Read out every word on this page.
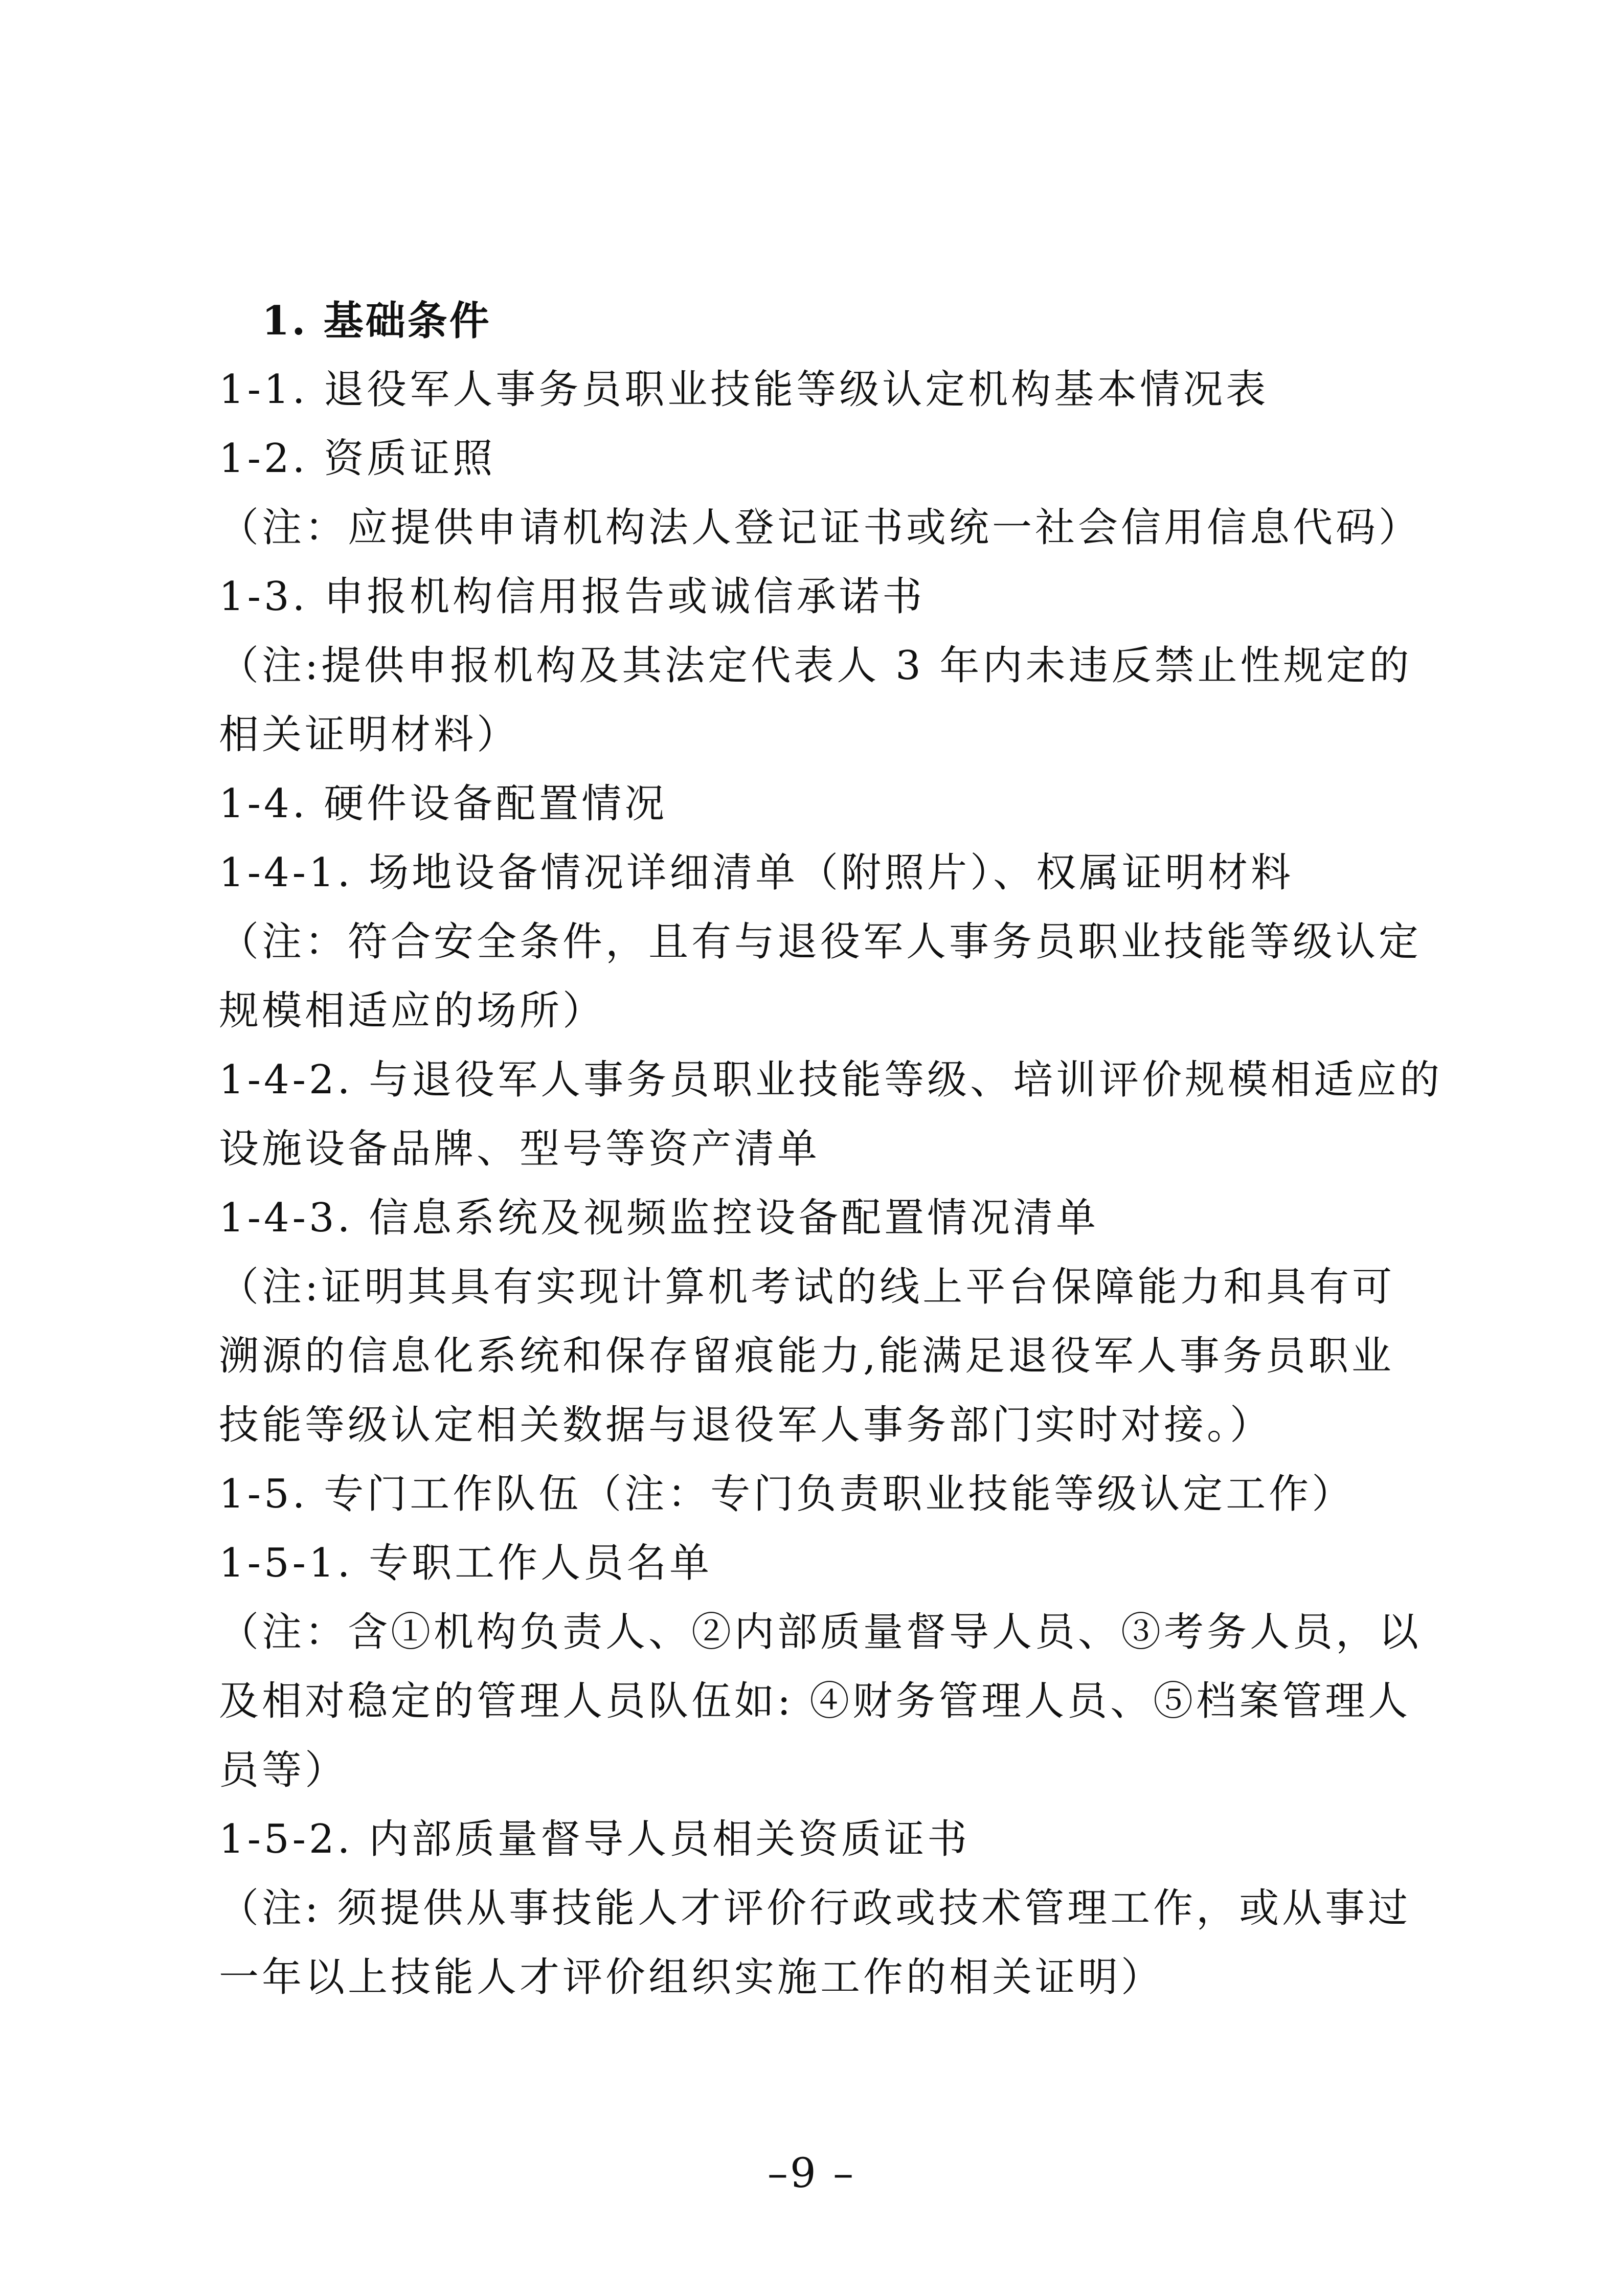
1. 基础条件
1-1. 退役军人事务员职业技能等级认定机构基本情况表
1-2. 资质证照
（注：应提供申请机构法人登记证书或统一社会信用信息代码）
1-3. 申报机构信用报告或诚信承诺书
（注:提供申报机构及其法定代表人 3 年内未违反禁止性规定的
相关证明材料）
1-4. 硬件设备配置情况
1-4-1. 场地设备情况详细清单（附照片）、权属证明材料
（注：符合安全条件，且有与退役军人事务员职业技能等级认定
规模相适应的场所）
1-4-2. 与退役军人事务员职业技能等级、培训评价规模相适应的
设施设备品牌、型号等资产清单
1-4-3. 信息系统及视频监控设备配置情况清单
（注:证明其具有实现计算机考试的线上平台保障能力和具有可
溯源的信息化系统和保存留痕能力,能满足退役军人事务员职业
技能等级认定相关数据与退役军人事务部门实时对接。）
1-5. 专门工作队伍（注：专门负责职业技能等级认定工作）
1-5-1. 专职工作人员名单
（注：含①机构负责人、②内部质量督导人员、③考务人员，以
及相对稳定的管理人员队伍如: ④财务管理人员、⑤档案管理人
员等）
1-5-2. 内部质量督导人员相关资质证书
（注: 须提供从事技能人才评价行政或技术管理工作，或从事过
一年以上技能人才评价组织实施工作的相关证明）
–9 –
